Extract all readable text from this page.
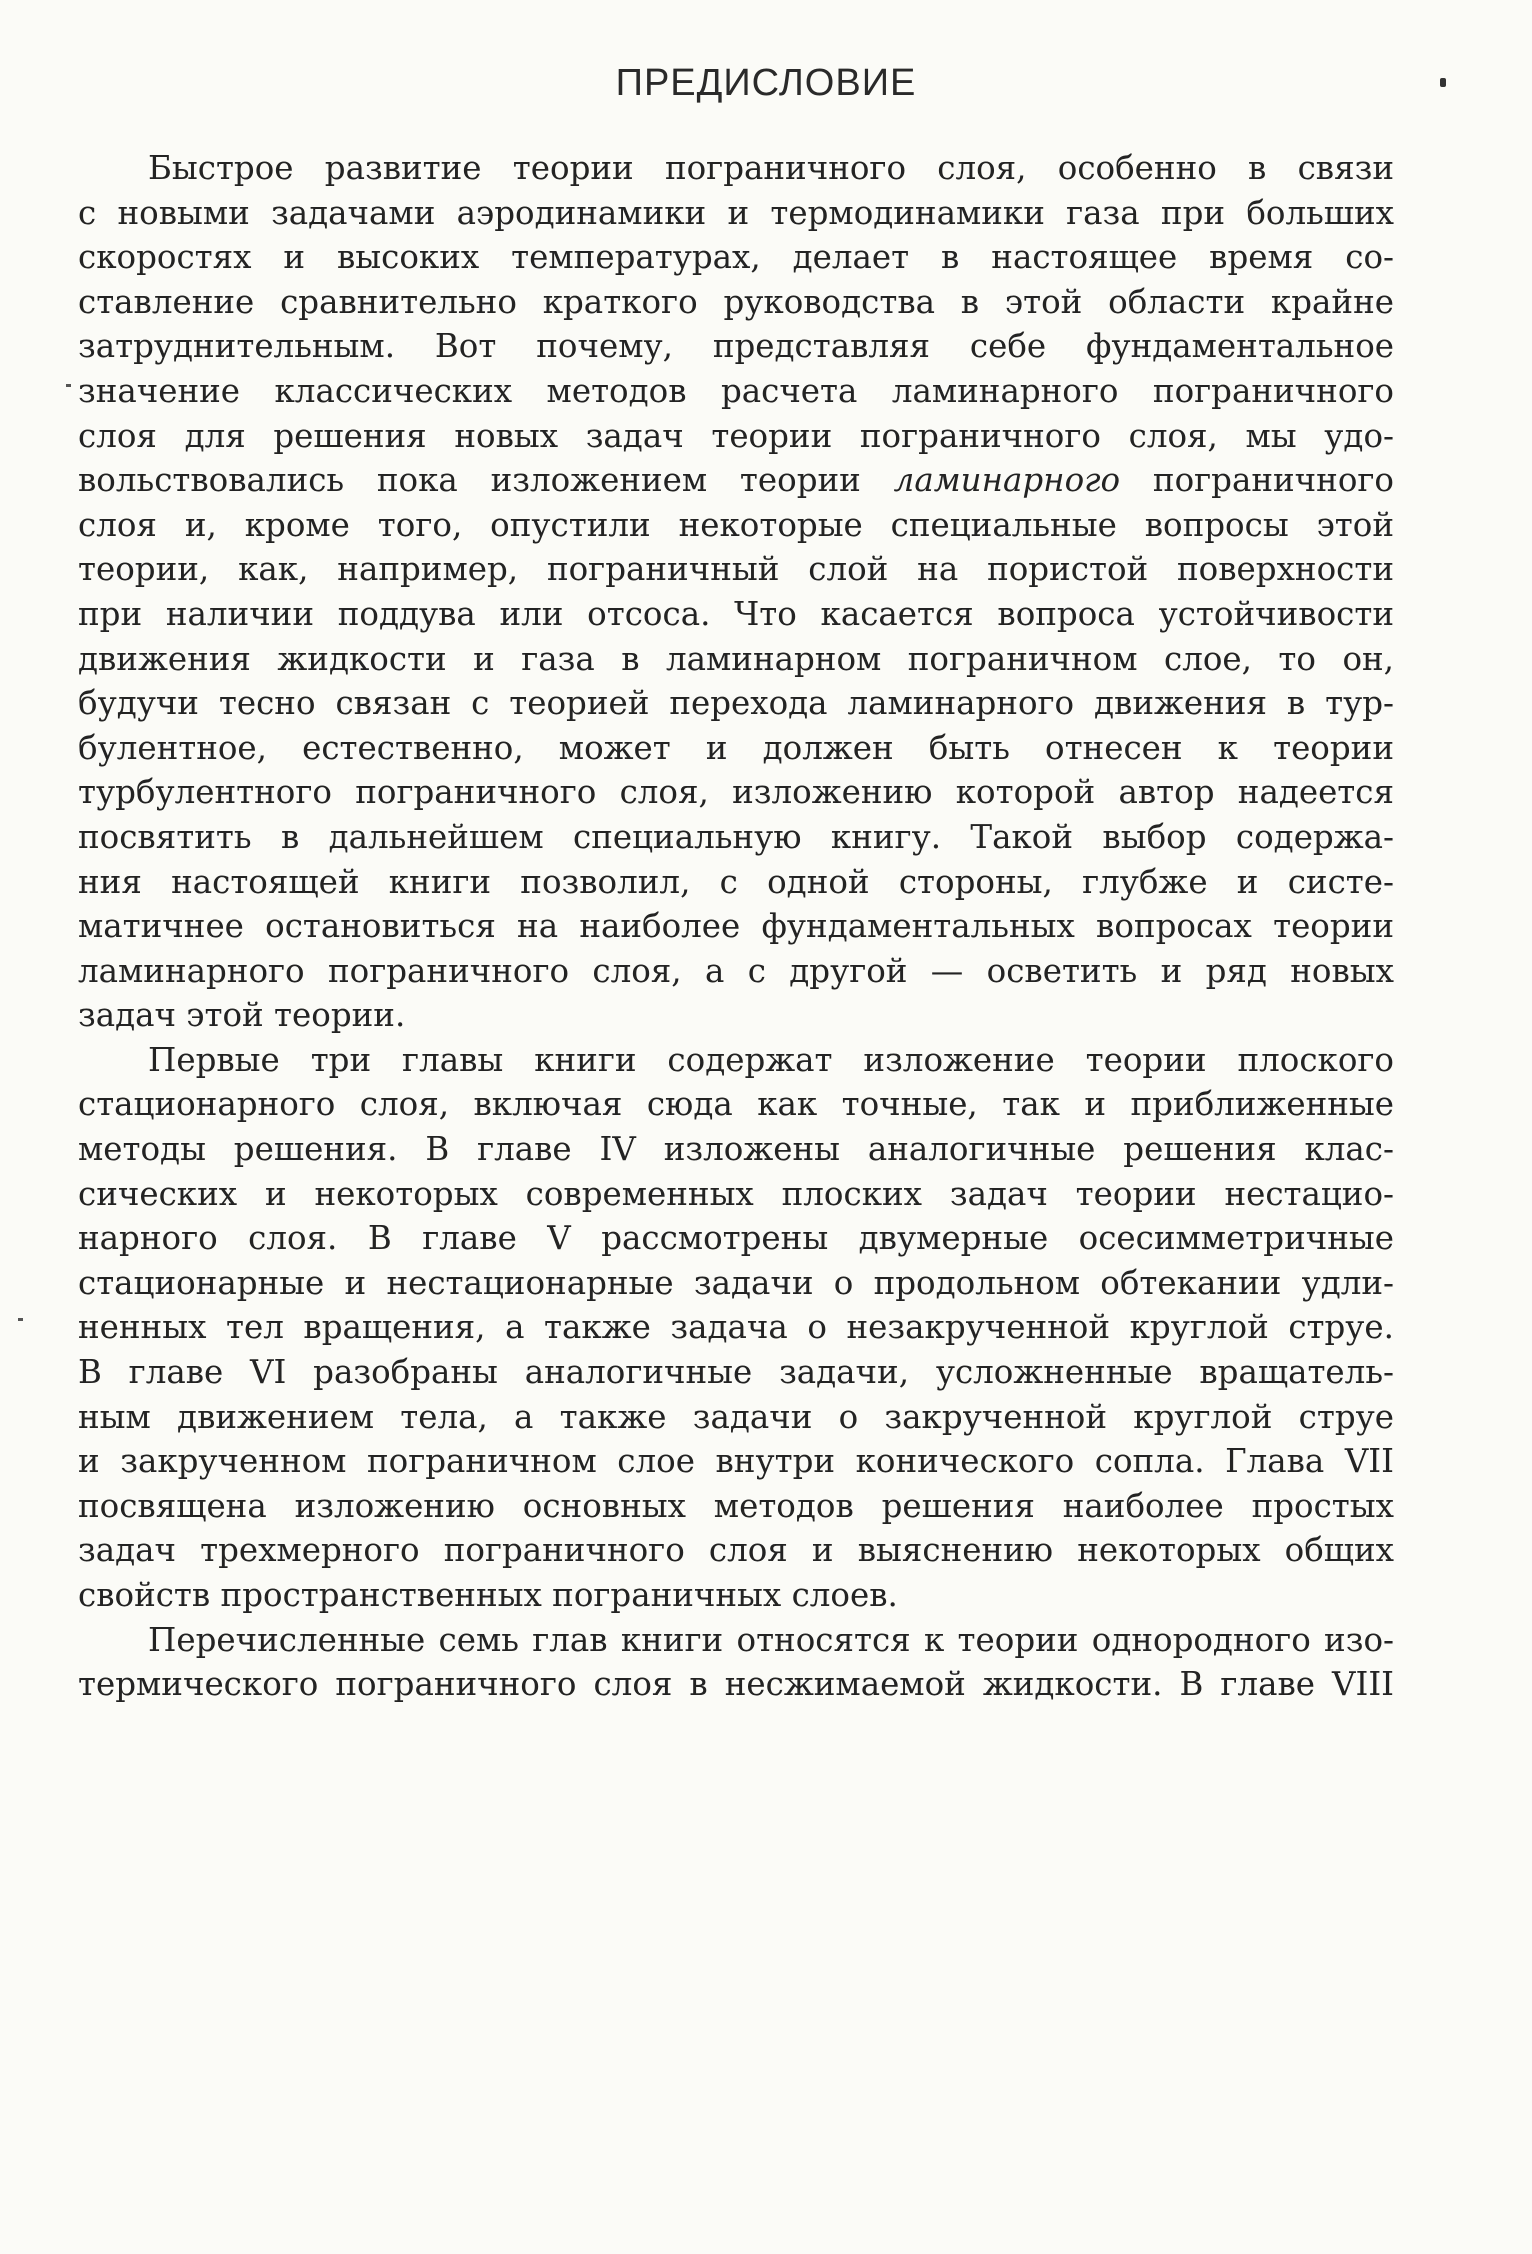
ПРЕДИСЛОВИЕ

Быстрое развитие теории пограничного слоя, особенно в связи
с новыми задачами аэродинамики и термодинамики газа при больших
скоростях и высоких температурах, делает в настоящее время со-
ставление сравнительно краткого руководства в этой области крайне
затруднительным. Вот почему, представляя себе фундаментальное
значение классических методов расчета ламинарного пограничного
слоя для решения новых задач теории пограничного слоя, мы удо-
вольствовались пока изложением теории ламинарного пограничного
слоя и, кроме того, опустили некоторые специальные вопросы этой
теории, как, например, пограничный слой на пористой поверхности
при наличии поддува или отсоса. Что касается вопроса устойчивости
движения жидкости и газа в ламинарном пограничном слое, то он,
будучи тесно связан с теорией перехода ламинарного движения в тур-
булентное, естественно, может и должен быть отнесен к теории
турбулентного пограничного слоя, изложению которой автор надеется
посвятить в дальнейшем специальную книгу. Такой выбор содержа-
ния настоящей книги позволил, с одной стороны, глубже и систе-
матичнее остановиться на наиболее фундаментальных вопросах теории
ламинарного пограничного слоя, а с другой — осветить и ряд новых
задач этой теории.

Первые три главы книги содержат изложение теории плоского
стационарного слоя, включая сюда как точные, так и приближенные
методы решения. В главе IV изложены аналогичные решения клас-
сических и некоторых современных плоских задач теории нестацио-
нарного слоя. В главе V рассмотрены двумерные осесимметричные
стационарные и нестационарные задачи о продольном обтекании удли-
ненных тел вращения, а также задача о незакрученной круглой струе.
В главе VI разобраны аналогичные задачи, усложненные вращатель-
ным движением тела, а также задачи о закрученной круглой струе
и закрученном пограничном слое внутри конического сопла. Глава VII
посвящена изложению основных методов решения наиболее простых
задач трехмерного пограничного слоя и выяснению некоторых общих
свойств пространственных пограничных слоев.

Перечисленные семь глав книги относятся к теории однородного изо-
термического пограничного слоя в несжимаемой жидкости. В главе VIII
